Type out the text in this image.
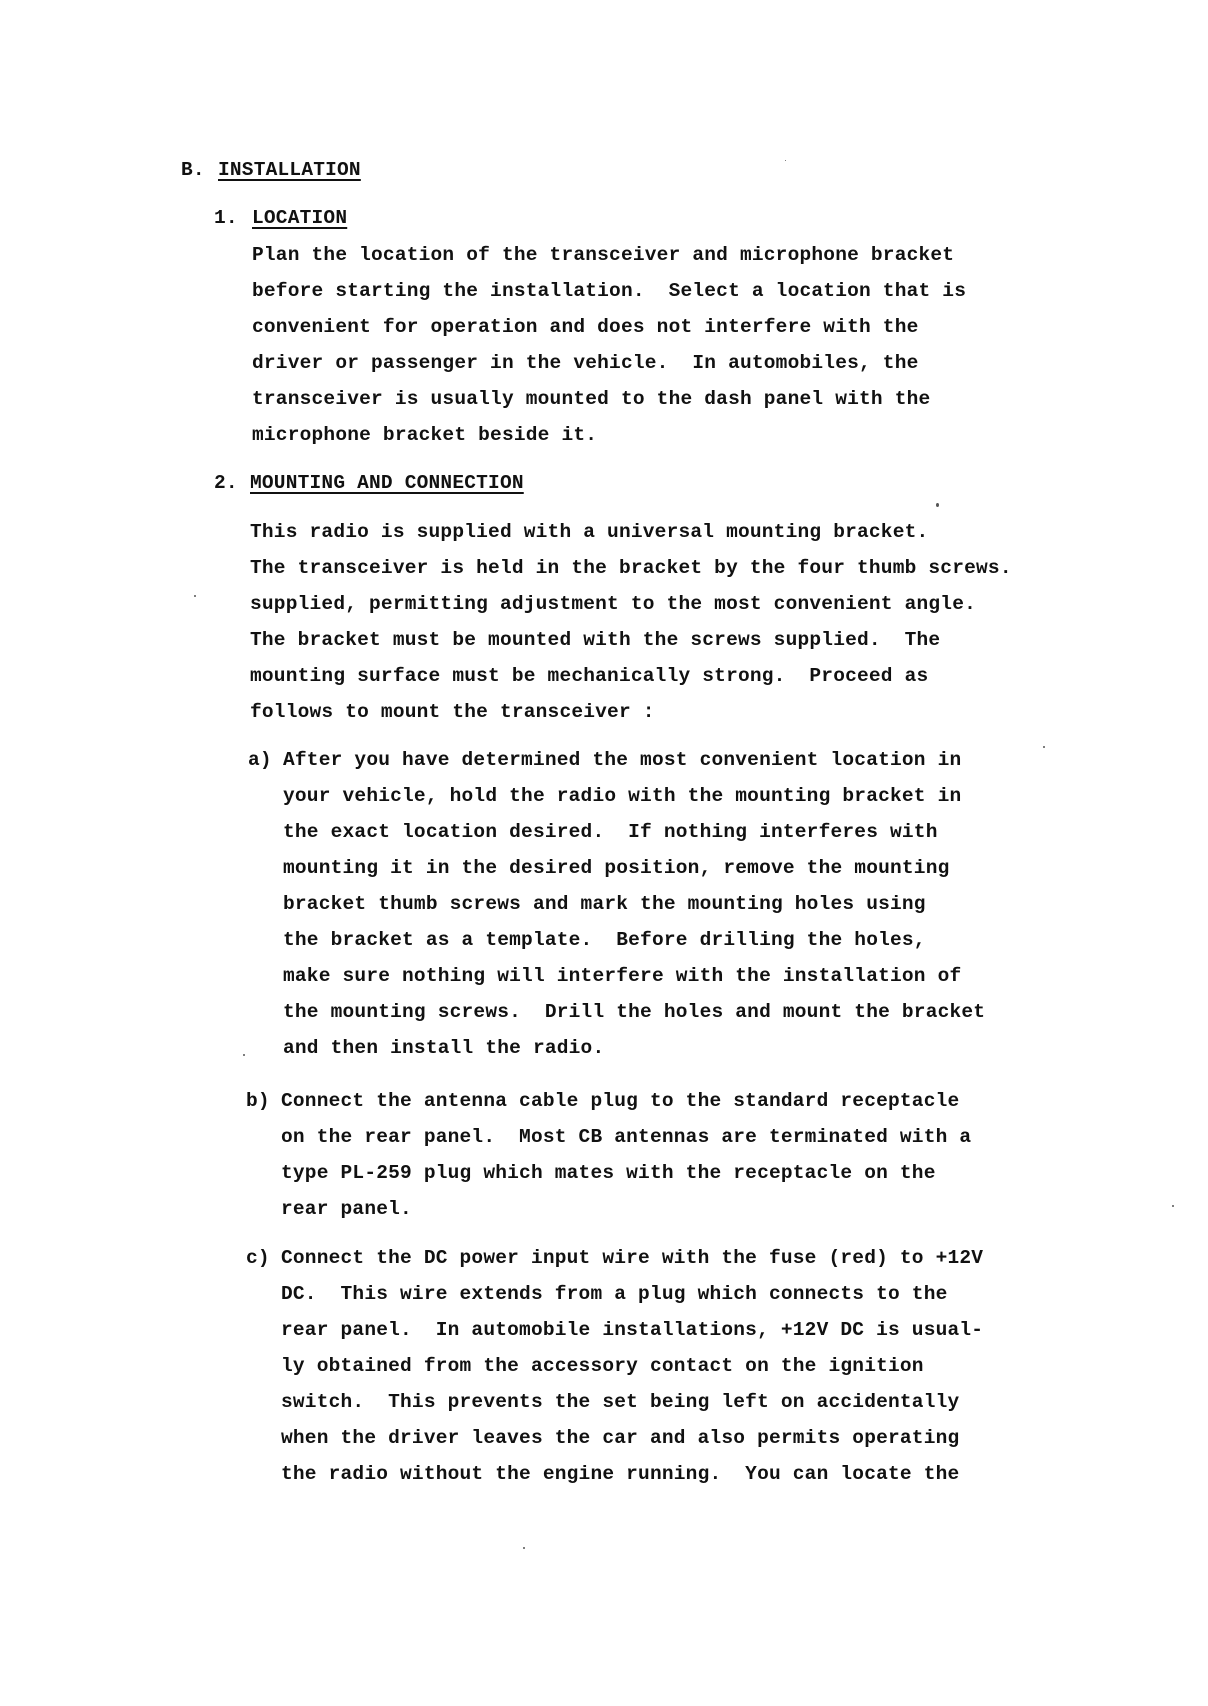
B. INSTALLATION
1. LOCATION
Plan the location of the transceiver and microphone bracket
before starting the installation.  Select a location that is
convenient for operation and does not interfere with the
driver or passenger in the vehicle.  In automobiles, the
transceiver is usually mounted to the dash panel with the
microphone bracket beside it.
2. MOUNTING AND CONNECTION
This radio is supplied with a universal mounting bracket.
The transceiver is held in the bracket by the four thumb screws.
supplied, permitting adjustment to the most convenient angle.
The bracket must be mounted with the screws supplied.  The
mounting surface must be mechanically strong.  Proceed as
follows to mount the transceiver :
a) After you have determined the most convenient location in
your vehicle, hold the radio with the mounting bracket in
the exact location desired.  If nothing interferes with
mounting it in the desired position, remove the mounting
bracket thumb screws and mark the mounting holes using
the bracket as a template.  Before drilling the holes,
make sure nothing will interfere with the installation of
the mounting screws.  Drill the holes and mount the bracket
and then install the radio.
b) Connect the antenna cable plug to the standard receptacle
on the rear panel.  Most CB antennas are terminated with a
type PL-259 plug which mates with the receptacle on the
rear panel.
c) Connect the DC power input wire with the fuse (red) to +12V
DC.  This wire extends from a plug which connects to the
rear panel.  In automobile installations, +12V DC is usual-
ly obtained from the accessory contact on the ignition
switch.  This prevents the set being left on accidentally
when the driver leaves the car and also permits operating
the radio without the engine running.  You can locate the
